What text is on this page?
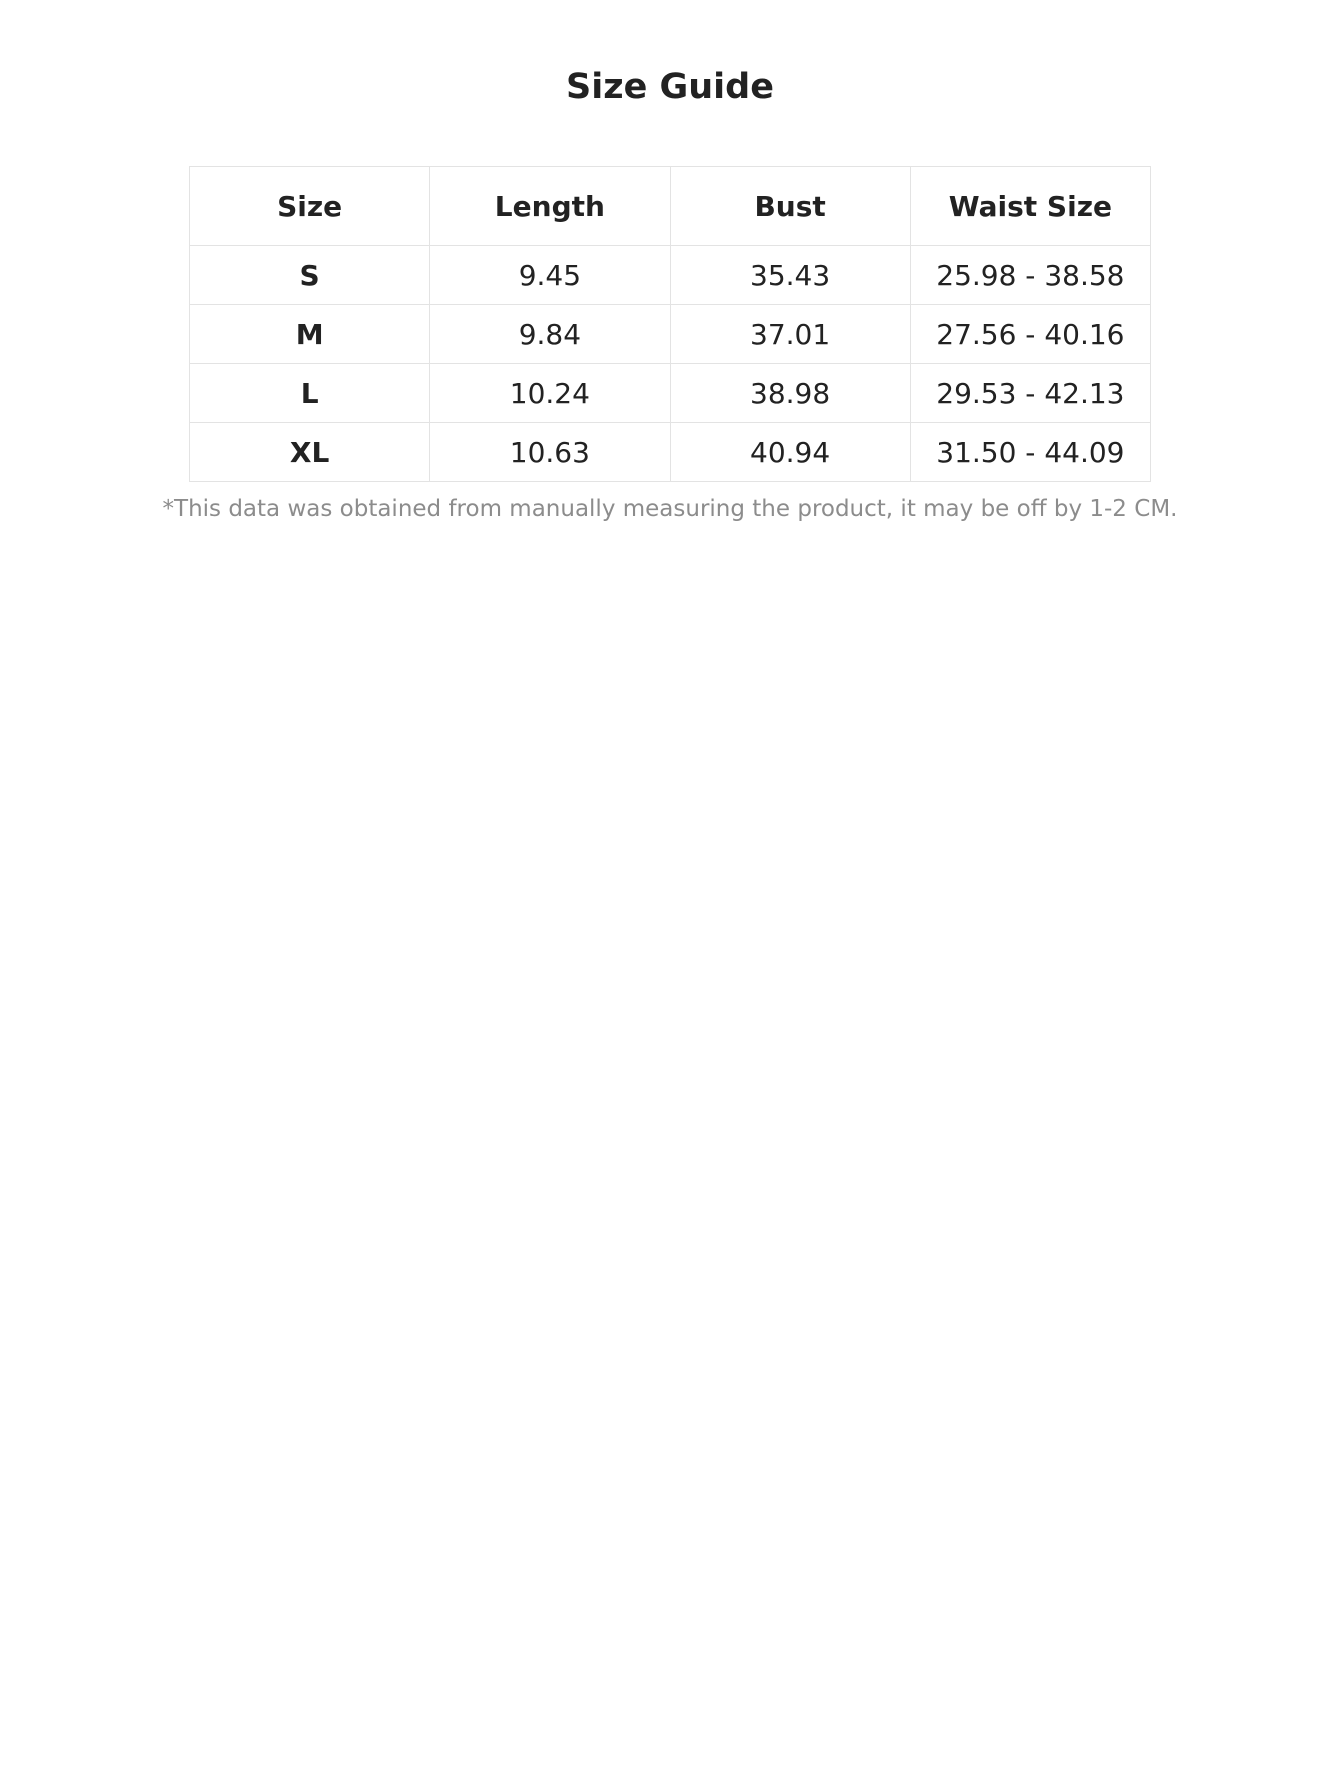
Size Guide
Size	Length	Bust	Waist Size
S	9.45	35.43	25.98 - 38.58
M	9.84	37.01	27.56 - 40.16
L	10.24	38.98	29.53 - 42.13
XL	10.63	40.94	31.50 - 44.09

*This data was obtained from manually measuring the product, it may be off by 1-2 CM.
